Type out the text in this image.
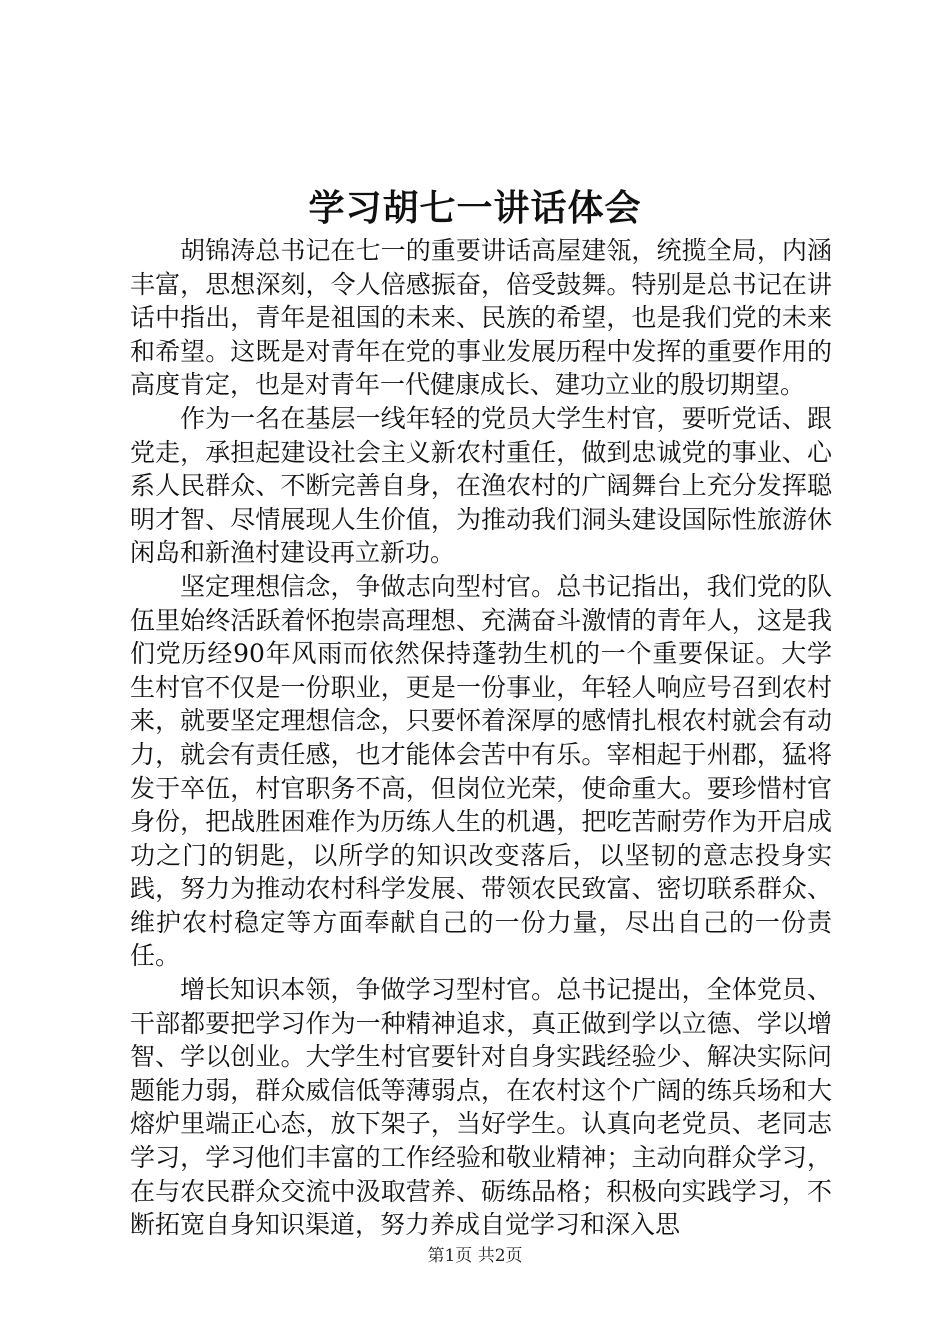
学习胡七一讲话体会

胡锦涛总书记在七一的重要讲话高屋建瓴，统揽全局，内涵丰富，思想深刻，令人倍感振奋，倍受鼓舞。特别是总书记在讲话中指出，青年是祖国的未来、民族的希望，也是我们党的未来和希望。这既是对青年在党的事业发展历程中发挥的重要作用的高度肯定，也是对青年一代健康成长、建功立业的殷切期望。

作为一名在基层一线年轻的党员大学生村官，要听党话、跟党走，承担起建设社会主义新农村重任，做到忠诚党的事业、心系人民群众、不断完善自身，在渔农村的广阔舞台上充分发挥聪明才智、尽情展现人生价值，为推动我们洞头建设国际性旅游休闲岛和新渔村建设再立新功。

坚定理想信念，争做志向型村官。总书记指出，我们党的队伍里始终活跃着怀抱崇高理想、充满奋斗激情的青年人，这是我们党历经90年风雨而依然保持蓬勃生机的一个重要保证。大学生村官不仅是一份职业，更是一份事业，年轻人响应号召到农村来，就要坚定理想信念，只要怀着深厚的感情扎根农村就会有动力，就会有责任感，也才能体会苦中有乐。宰相起于州郡，猛将发于卒伍，村官职务不高，但岗位光荣，使命重大。要珍惜村官身份，把战胜困难作为历练人生的机遇，把吃苦耐劳作为开启成功之门的钥匙，以所学的知识改变落后，以坚韧的意志投身实践，努力为推动农村科学发展、带领农民致富、密切联系群众、维护农村稳定等方面奉献自己的一份力量，尽出自己的一份责任。

增长知识本领，争做学习型村官。总书记提出，全体党员、干部都要把学习作为一种精神追求，真正做到学以立德、学以增智、学以创业。大学生村官要针对自身实践经验少、解决实际问题能力弱，群众威信低等薄弱点，在农村这个广阔的练兵场和大熔炉里端正心态，放下架子，当好学生。认真向老党员、老同志学习，学习他们丰富的工作经验和敬业精神；主动向群众学习，在与农民群众交流中汲取营养、砺练品格；积极向实践学习，不断拓宽自身知识渠道，努力养成自觉学习和深入思

第1页 共2页
